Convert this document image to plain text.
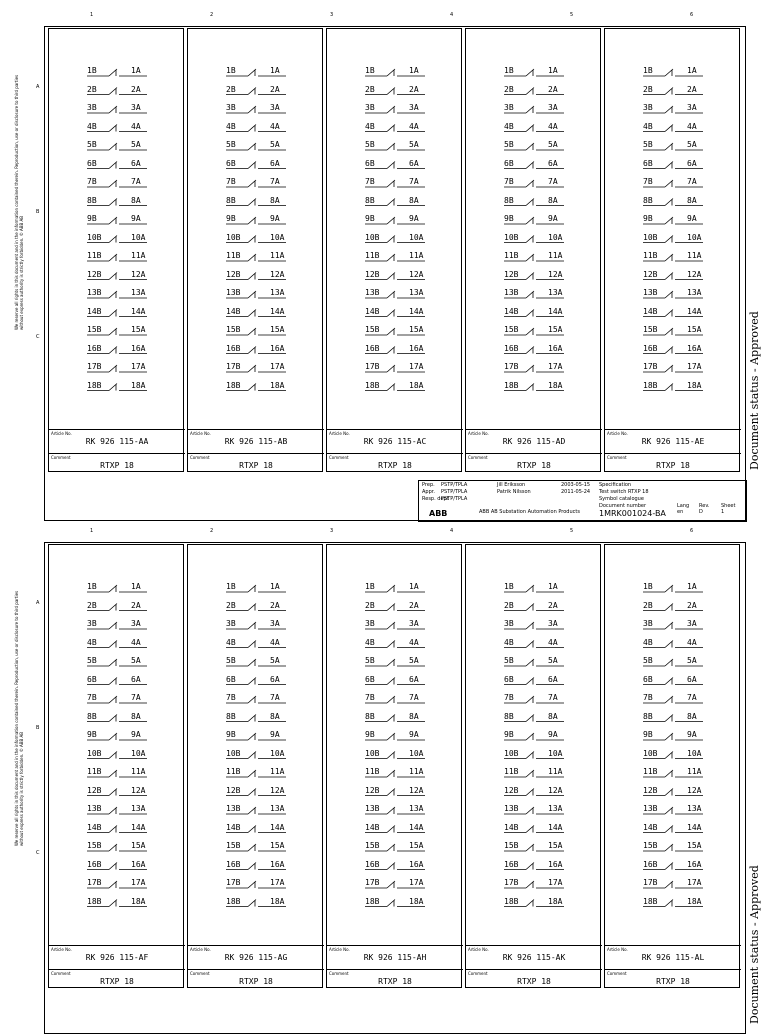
1	2	3	4	5	6
A
B
C
We reserve all rights in this document and in the information contained therein. Reproduction, use or disclosure to third parties without express authority is strictly forbidden. © ABB AB
Document status - Approved
1B	1A
2B	2A
3B	3A
4B	4A
5B	5A
6B	6A
7B	7A
8B	8A
9B	9A
10B	10A
11B	11A
12B	12A
13B	13A
14B	14A
15B	15A
16B	16A
17B	17A
18B	18A
Article No.
RK 926 115-AA
Comment
RTXP 18
1B	1A
2B	2A
3B	3A
4B	4A
5B	5A
6B	6A
7B	7A
8B	8A
9B	9A
10B	10A
11B	11A
12B	12A
13B	13A
14B	14A
15B	15A
16B	16A
17B	17A
18B	18A
Article No.
RK 926 115-AB
Comment
RTXP 18
1B	1A
2B	2A
3B	3A
4B	4A
5B	5A
6B	6A
7B	7A
8B	8A
9B	9A
10B	10A
11B	11A
12B	12A
13B	13A
14B	14A
15B	15A
16B	16A
17B	17A
18B	18A
Article No.
RK 926 115-AC
Comment
RTXP 18
1B	1A
2B	2A
3B	3A
4B	4A
5B	5A
6B	6A
7B	7A
8B	8A
9B	9A
10B	10A
11B	11A
12B	12A
13B	13A
14B	14A
15B	15A
16B	16A
17B	17A
18B	18A
Article No.
RK 926 115-AD
Comment
RTXP 18
1B	1A
2B	2A
3B	3A
4B	4A
5B	5A
6B	6A
7B	7A
8B	8A
9B	9A
10B	10A
11B	11A
12B	12A
13B	13A
14B	14A
15B	15A
16B	16A
17B	17A
18B	18A
Article No.
RK 926 115-AE
Comment
RTXP 18
Prep. PSTP/TPLA	Jill Eriksson	2003-05-15
Appr. PSTP/TPLA	Patrik Nilsson	2011-05-24
Resp. dept
PSTP/TPLA
Specification
Test switch RTXP 18
Symbol catalogue
Document number
1MRK001024-BA
Lang
en
Rev.
D
Sheet
1
ABB	ABB AB Substation Automation Products
1	2	3	4	5	6
A
B
C
We reserve all rights in this document and in the information contained therein. Reproduction, use or disclosure to third parties without express authority is strictly forbidden. © ABB AB
Document status - Approved
1B	1A
2B	2A
3B	3A
4B	4A
5B	5A
6B	6A
7B	7A
8B	8A
9B	9A
10B	10A
11B	11A
12B	12A
13B	13A
14B	14A
15B	15A
16B	16A
17B	17A
18B	18A
Article No.
RK 926 115-AF
Comment
RTXP 18
1B	1A
2B	2A
3B	3A
4B	4A
5B	5A
6B	6A
7B	7A
8B	8A
9B	9A
10B	10A
11B	11A
12B	12A
13B	13A
14B	14A
15B	15A
16B	16A
17B	17A
18B	18A
Article No.
RK 926 115-AG
Comment
RTXP 18
1B	1A
2B	2A
3B	3A
4B	4A
5B	5A
6B	6A
7B	7A
8B	8A
9B	9A
10B	10A
11B	11A
12B	12A
13B	13A
14B	14A
15B	15A
16B	16A
17B	17A
18B	18A
Article No.
RK 926 115-AH
Comment
RTXP 18
1B	1A
2B	2A
3B	3A
4B	4A
5B	5A
6B	6A
7B	7A
8B	8A
9B	9A
10B	10A
11B	11A
12B	12A
13B	13A
14B	14A
15B	15A
16B	16A
17B	17A
18B	18A
Article No.
RK 926 115-AK
Comment
RTXP 18
1B	1A
2B	2A
3B	3A
4B	4A
5B	5A
6B	6A
7B	7A
8B	8A
9B	9A
10B	10A
11B	11A
12B	12A
13B	13A
14B	14A
15B	15A
16B	16A
17B	17A
18B	18A
Article No.
RK 926 115-AL
Comment
RTXP 18
